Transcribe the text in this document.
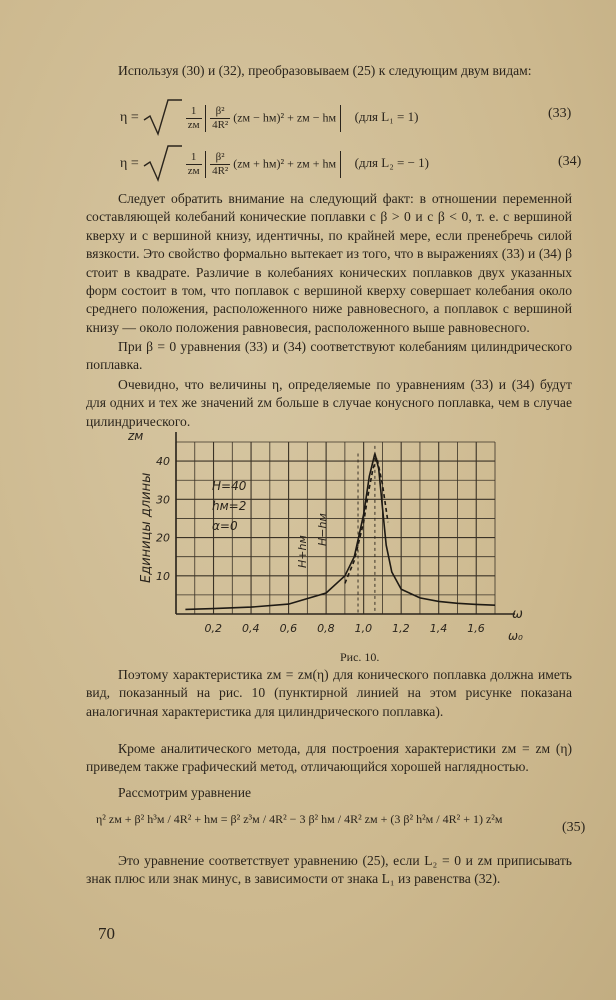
Используя (30) и (32), преобразовываем (25) к следующим двум видам:

η =	$\frac{1}{zм}$
$\frac{\text{β²}}{\text{4R²}} (zм - hм)^2$ + zм − hм (для L₁ = 1)	(33)
η =	$\frac{1}{zм}$
$\frac{\text{β²}}{\text{4R²}} (zм + hм)^2$ + zм + hм (для L₂ = − 1)	(34)

Следует обратить внимание на следующий факт: в отношении переменной составляющей колебаний конические поплавки с β > 0 и с β < 0, т. е. с вершиной кверху и с вершиной книзу, идентичны, по крайней мере, если пренебречь силой вязкости. Это свойство формально вытекает из того, что в выражениях (33) и (34) β стоит в квадрате. Различие в колебаниях конических поплавков двух указанных форм состоит в том, что поплавок с вершиной кверху совершает колебания около среднего положения, расположенного ниже равновесного, а поплавок с вершиной книзу — около положения равновесия, расположенного выше равновесного.

При β = 0 уравнения (33) и (34) соответствуют колебаниям цилиндрического поплавка.

Очевидно, что величины η, определяемые по уравнениям (33) и (34) будут для одних и тех же значений zм больше в случае конусного поплавка, чем в случае цилиндрического.

0,2 0,4 0,6 0,8 1,0 1,2 1,4 1,6
10
20
30
40
zм
Единицы длины	H=40
hм=2
α=0
H+hм
H−hм
ω
ω₀
Рис. 10.

Поэтому характеристика zм = zм(η) для конического поплавка должна иметь вид, показанный на рис. 10 (пунктирной линией на этом рисунке показана аналогичная характеристика для цилиндрического поплавка).

Кроме аналитического метода, для построения характеристики zм = zм (η) приведем также графический метод, отличающийся хорошей наглядностью.

Рассмотрим уравнение

η² zм + β² h³м / 4R² + hм = β² z³м / 4R² − 3 β² hм / 4R² zм + (3 β² h²м / 4R² + 1) z²м
(35)

Это уравнение соответствует уравнению (25), если L₂ = 0 и zм приписывать знак плюс или знак минус, в зависимости от знака L₁ из равенства (32).

70
